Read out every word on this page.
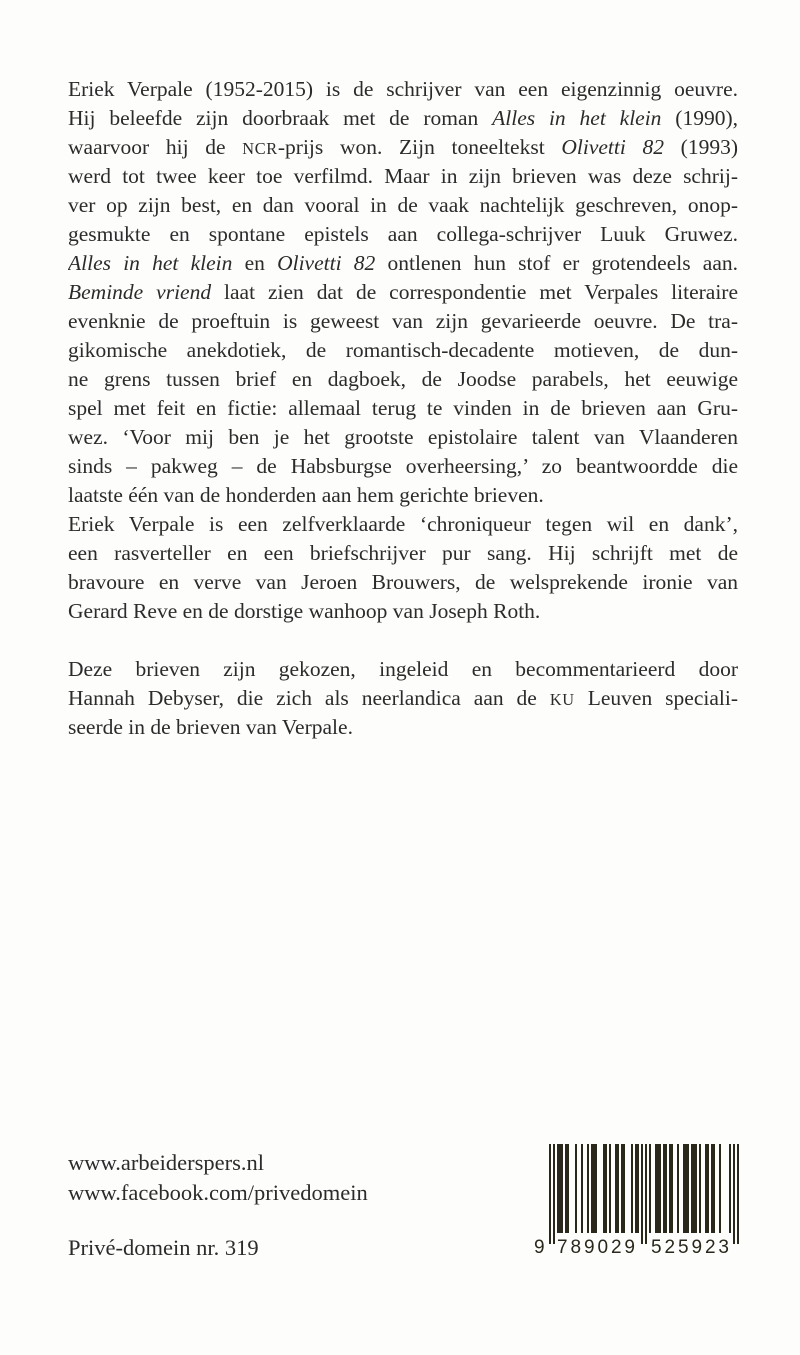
Eriek Verpale (1952-2015) is de schrijver van een eigenzinnig oeuvre.
Hij beleefde zijn doorbraak met de roman Alles in het klein (1990),
waarvoor hij de NCR-prijs won. Zijn toneeltekst Olivetti 82 (1993)
werd tot twee keer toe verfilmd. Maar in zijn brieven was deze schrij-
ver op zijn best, en dan vooral in de vaak nachtelijk geschreven, onop-
gesmukte en spontane epistels aan collega-schrijver Luuk Gruwez.
Alles in het klein en Olivetti 82 ontlenen hun stof er grotendeels aan.
Beminde vriend laat zien dat de correspondentie met Verpales literaire
evenknie de proeftuin is geweest van zijn gevarieerde oeuvre. De tra-
gikomische anekdotiek, de romantisch-decadente motieven, de dun-
ne grens tussen brief en dagboek, de Joodse parabels, het eeuwige
spel met feit en fictie: allemaal terug te vinden in de brieven aan Gru-
wez. ‘Voor mij ben je het grootste epistolaire talent van Vlaanderen
sinds – pakweg – de Habsburgse overheersing,’ zo beantwoordde die
laatste één van de honderden aan hem gerichte brieven.
Eriek Verpale is een zelfverklaarde ‘chroniqueur tegen wil en dank’,
een rasverteller en een briefschrijver pur sang. Hij schrijft met de
bravoure en verve van Jeroen Brouwers, de welsprekende ironie van
Gerard Reve en de dorstige wanhoop van Joseph Roth.
Deze brieven zijn gekozen, ingeleid en becommentarieerd door
Hannah Debyser, die zich als neerlandica aan de KU Leuven speciali-
seerde in de brieven van Verpale.
www.arbeiderspers.nl
www.facebook.com/privedomein
Privé-domein nr. 319	9 789029 525923
